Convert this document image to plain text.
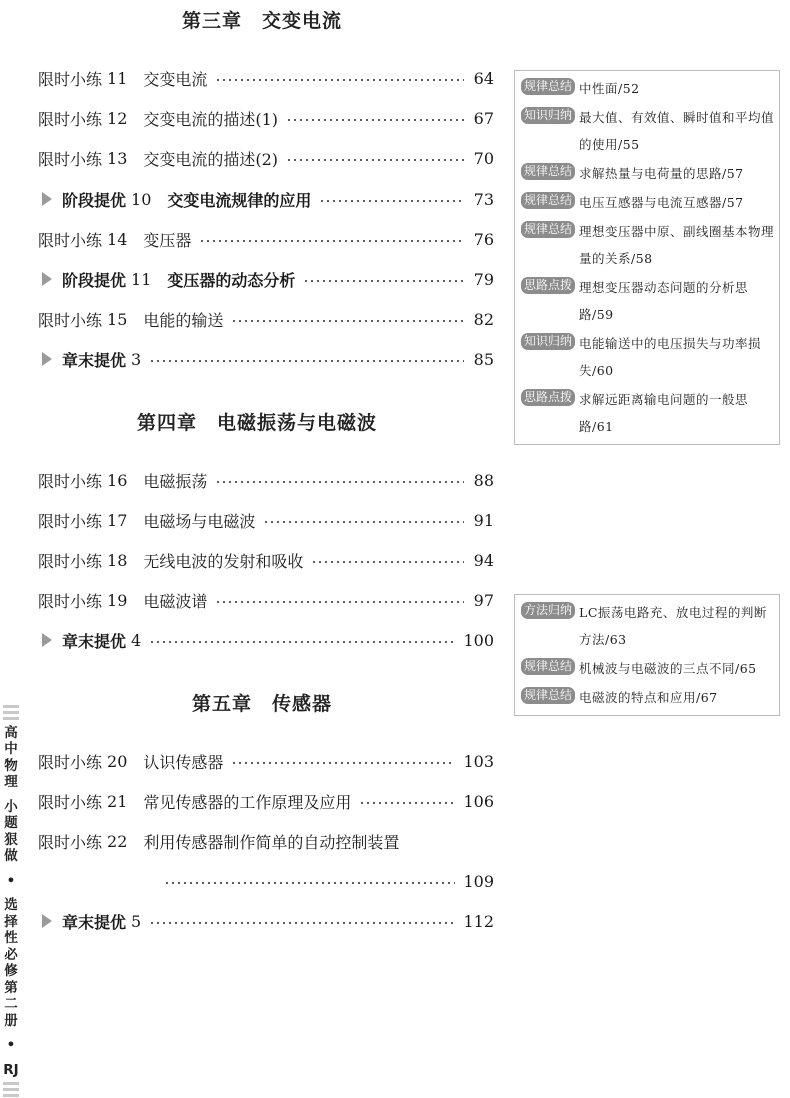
第三章　交变电流
第四章　电磁振荡与电磁波
第五章　传感器
限时小练 11 交变电流	64
限时小练 12 交变电流的描述(1)	67
限时小练 13 交变电流的描述(2)	70
阶段提优 10 交变电流规律的应用	73
限时小练 14 变压器	76
阶段提优 11 变压器的动态分析	79
限时小练 15 电能的输送	82
章末提优 3	85
限时小练 16 电磁振荡	88
限时小练 17 电磁场与电磁波	91
限时小练 18 无线电波的发射和吸收	94
限时小练 19 电磁波谱	97
章末提优 4	100
限时小练 20 认识传感器	103
限时小练 21 常见传感器的工作原理及应用	106
限时小练 22 利用传感器制作简单的自动控制装置
109
章末提优 5	112
规律总结 中性面/52
知识归纳 最大值、有效值、瞬时值和平均值的使用/55
规律总结 求解热量与电荷量的思路/57
规律总结 电压互感器与电流互感器/57
规律总结 理想变压器中原、副线圈基本物理量的关系/58
思路点拨 理想变压器动态问题的分析思路/59
知识归纳 电能输送中的电压损失与功率损失/60
思路点拨 求解远距离输电问题的一般思路/61
方法归纳 LC振荡电路充、放电过程的判断方法/63
规律总结 机械波与电磁波的三点不同/65
规律总结 电磁波的特点和应用/67
高中物理
小题狠做
•
选择性必修第二册
•
RJ
